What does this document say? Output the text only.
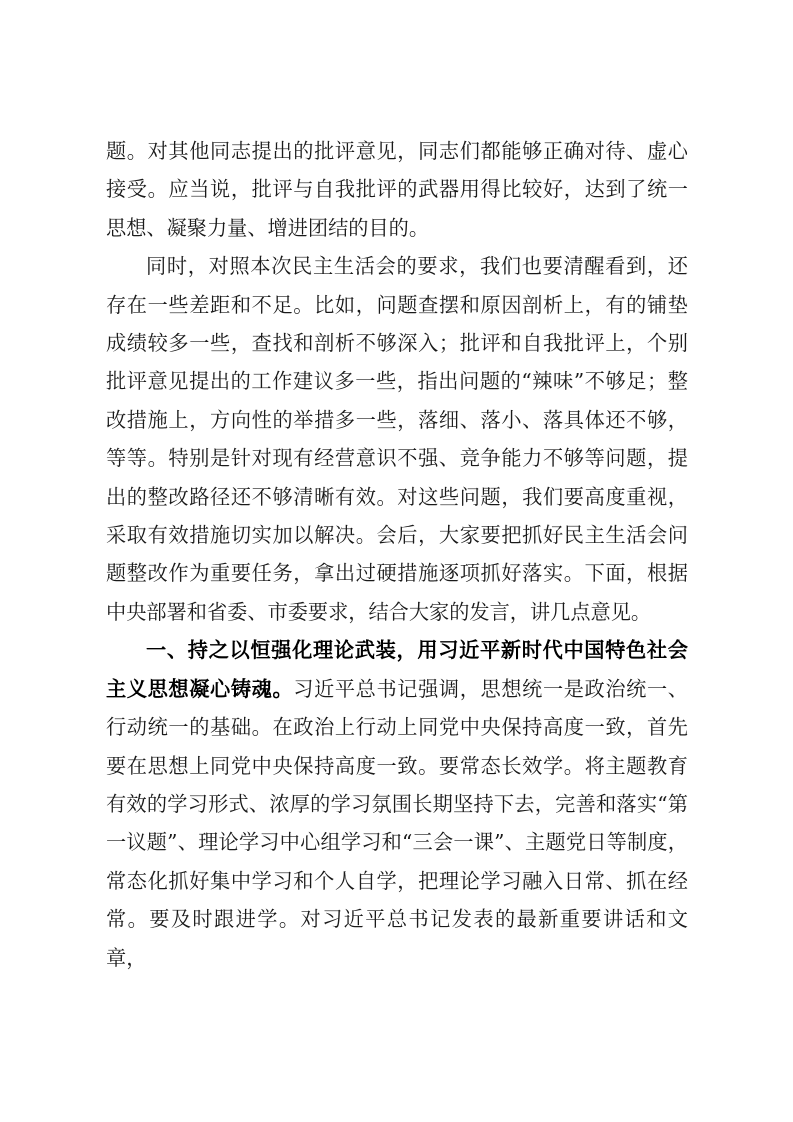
题。对其他同志提出的批评意见，同志们都能够正确对待、虚心接受。应当说，批评与自我批评的武器用得比较好，达到了统一思想、凝聚力量、增进团结的目的。

同时，对照本次民主生活会的要求，我们也要清醒看到，还存在一些差距和不足。比如，问题查摆和原因剖析上，有的铺垫成绩较多一些，查找和剖析不够深入；批评和自我批评上，个别批评意见提出的工作建议多一些，指出问题的“辣味”不够足；整改措施上，方向性的举措多一些，落细、落小、落具体还不够，等等。特别是针对现有经营意识不强、竞争能力不够等问题，提出的整改路径还不够清晰有效。对这些问题，我们要高度重视，采取有效措施切实加以解决。会后，大家要把抓好民主生活会问题整改作为重要任务，拿出过硬措施逐项抓好落实。下面，根据中央部署和省委、市委要求，结合大家的发言，讲几点意见。

一、持之以恒强化理论武装，用习近平新时代中国特色社会主义思想凝心铸魂。习近平总书记强调，思想统一是政治统一、行动统一的基础。在政治上行动上同党中央保持高度一致，首先要在思想上同党中央保持高度一致。要常态长效学。将主题教育有效的学习形式、浓厚的学习氛围长期坚持下去，完善和落实“第一议题”、理论学习中心组学习和“三会一课”、主题党日等制度，常态化抓好集中学习和个人自学，把理论学习融入日常、抓在经常。要及时跟进学。对习近平总书记发表的最新重要讲话和文章，
